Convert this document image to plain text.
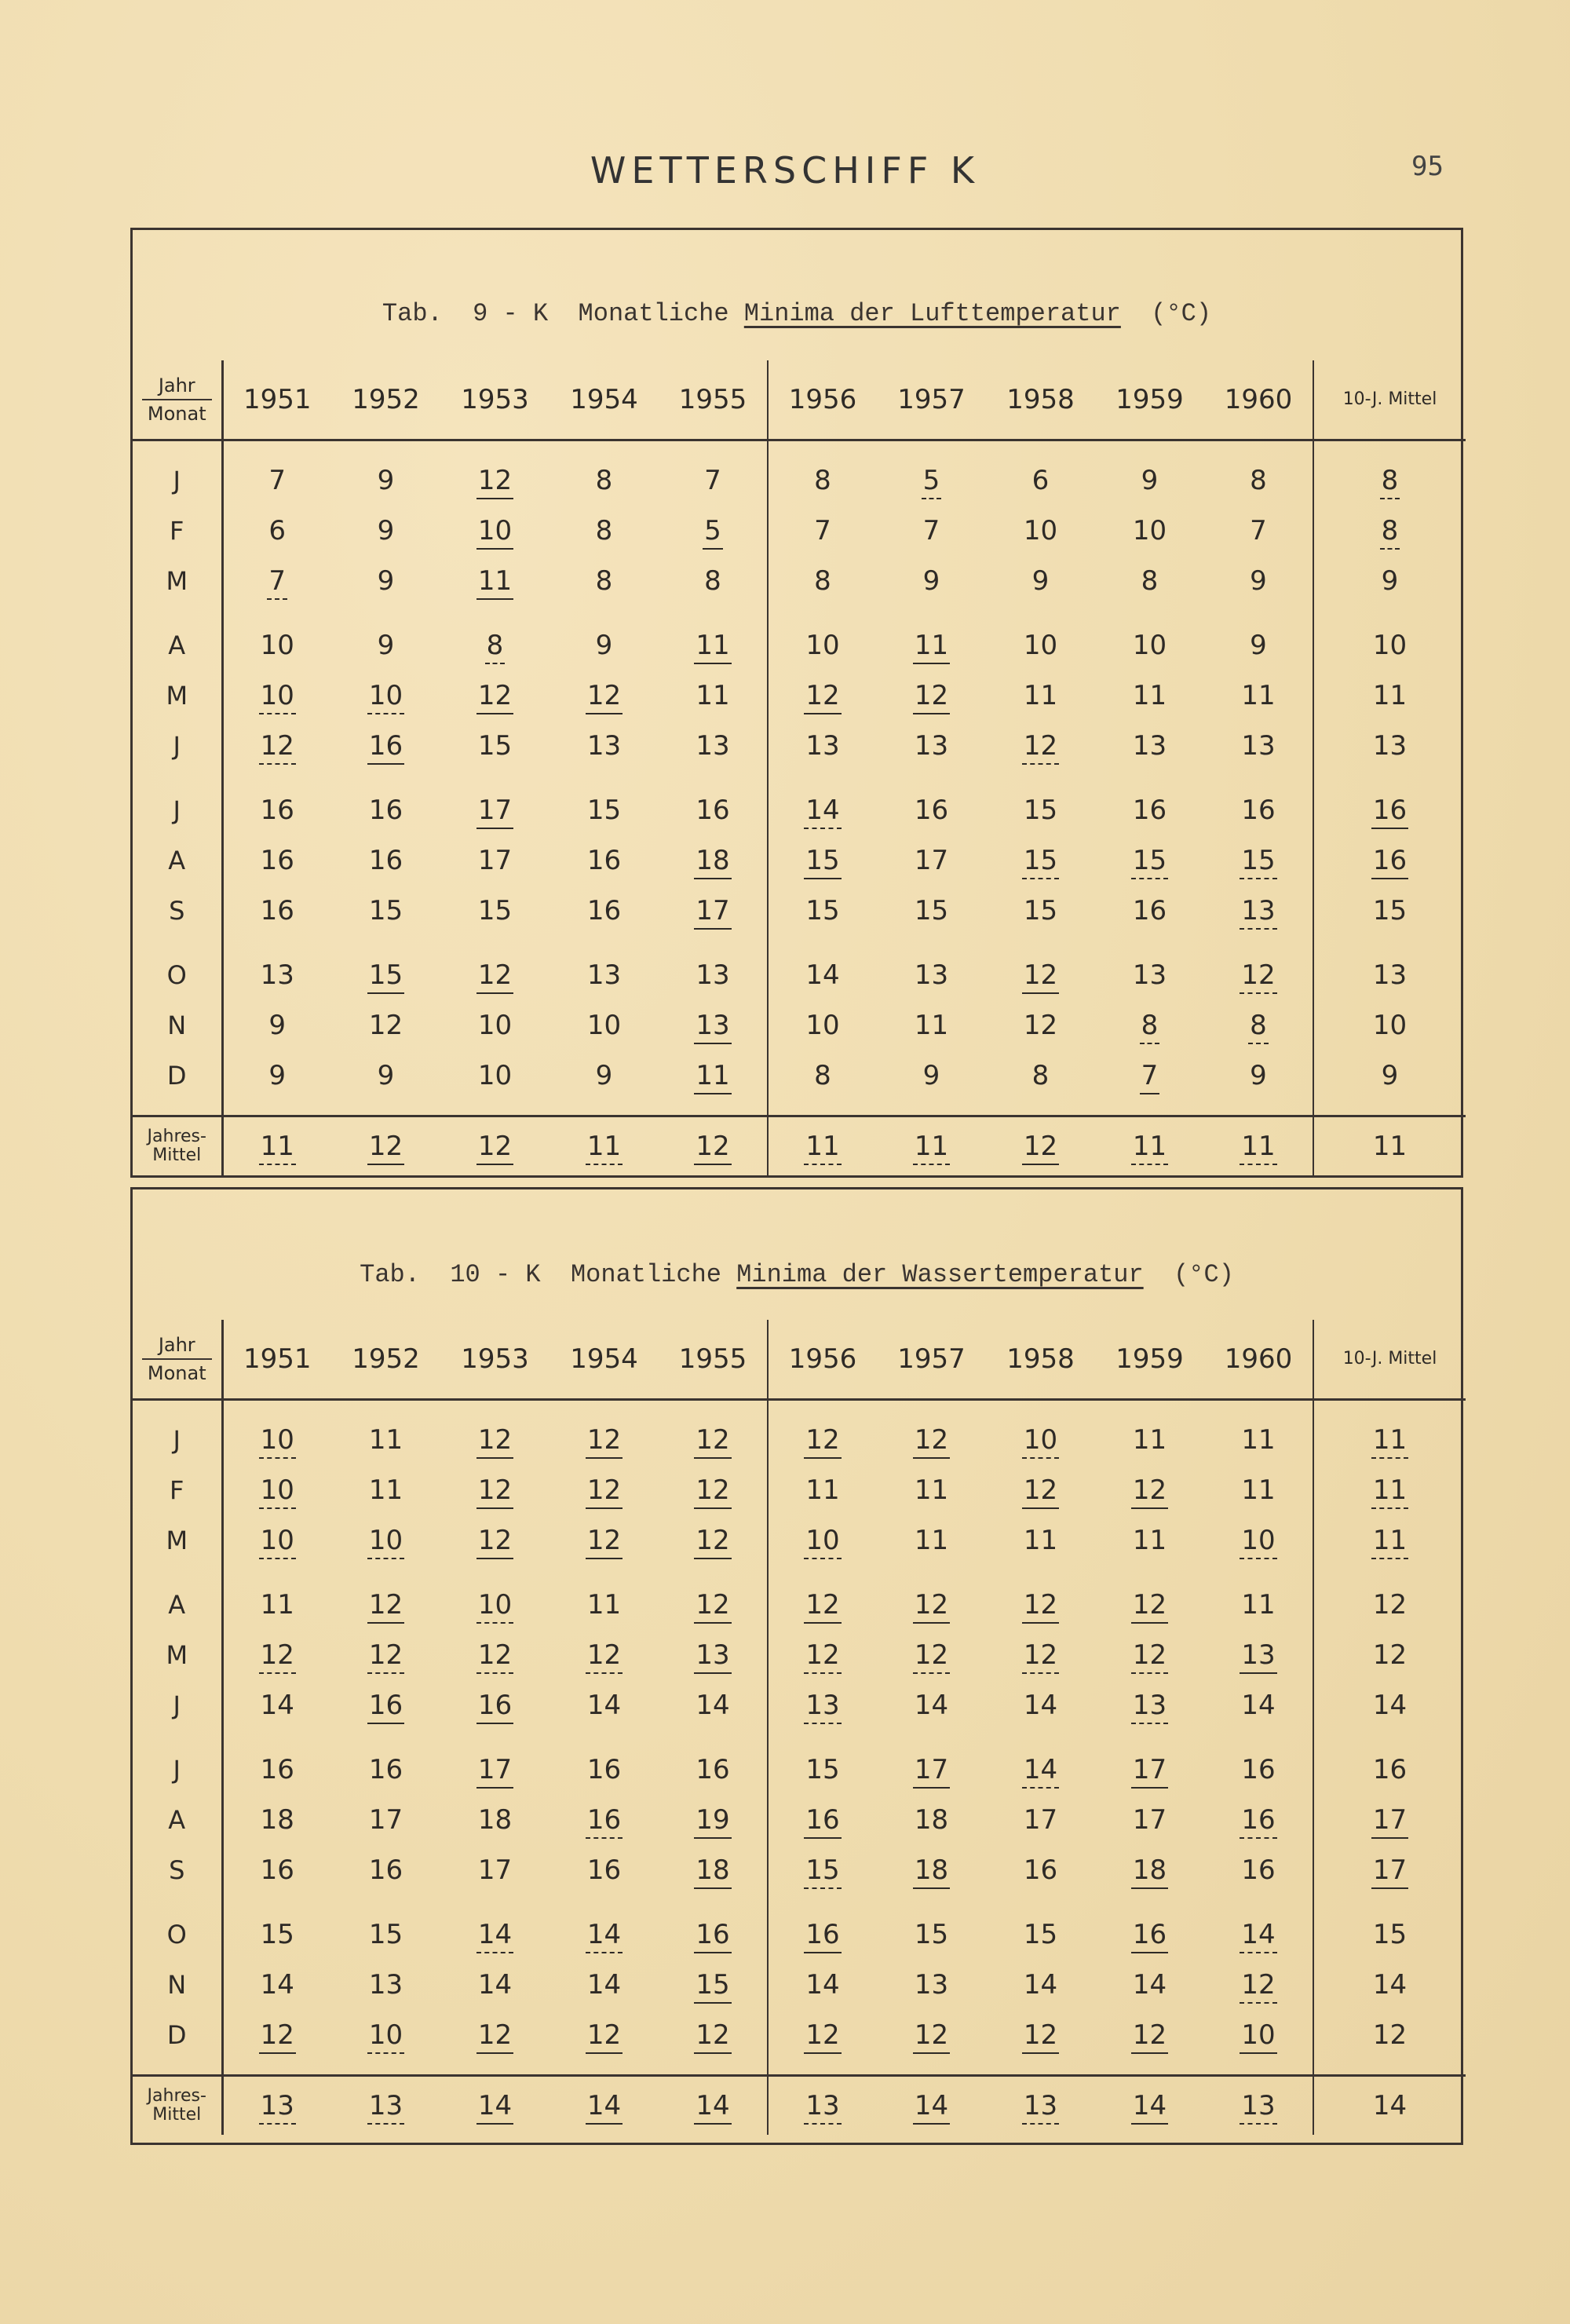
WETTERSCHIFF K	95
Tab.  9 - K  Monatliche Minima der Lufttemperatur  (°C)
Jahr
Monat	1951	1952	1953	1954	1955	1956	1957	1958	1959	1960	10-J. Mittel

J	7	9	12	8	7	8	5	6	9	8	8
F	6	9	10	8	5	7	7	10	10	7	8
M	7	9	11	8	8	8	9	9	8	9	9

A	10	9	8	9	11	10	11	10	10	9	10
M	10	10	12	12	11	12	12	11	11	11	11
J	12	16	15	13	13	13	13	12	13	13	13

J	16	16	17	15	16	14	16	15	16	16	16
A	16	16	17	16	18	15	17	15	15	15	16
S	16	15	15	16	17	15	15	15	16	13	15

O	13	15	12	13	13	14	13	12	13	12	13
N	9	12	10	10	13	10	11	12	8	8	10
D	9	9	10	9	11	8	9	8	7	9	9

Jahres-Mittel	11	12	12	11	12	11	11	12	11	11	11
Tab.  10 - K  Monatliche Minima der Wassertemperatur  (°C)
Jahr
Monat	1951	1952	1953	1954	1955	1956	1957	1958	1959	1960	10-J. Mittel

J	10	11	12	12	12	12	12	10	11	11	11
F	10	11	12	12	12	11	11	12	12	11	11
M	10	10	12	12	12	10	11	11	11	10	11

A	11	12	10	11	12	12	12	12	12	11	12
M	12	12	12	12	13	12	12	12	12	13	12
J	14	16	16	14	14	13	14	14	13	14	14

J	16	16	17	16	16	15	17	14	17	16	16
A	18	17	18	16	19	16	18	17	17	16	17
S	16	16	17	16	18	15	18	16	18	16	17

O	15	15	14	14	16	16	15	15	16	14	15
N	14	13	14	14	15	14	13	14	14	12	14
D	12	10	12	12	12	12	12	12	12	10	12

Jahres-Mittel	13	13	14	14	14	13	14	13	14	13	14
